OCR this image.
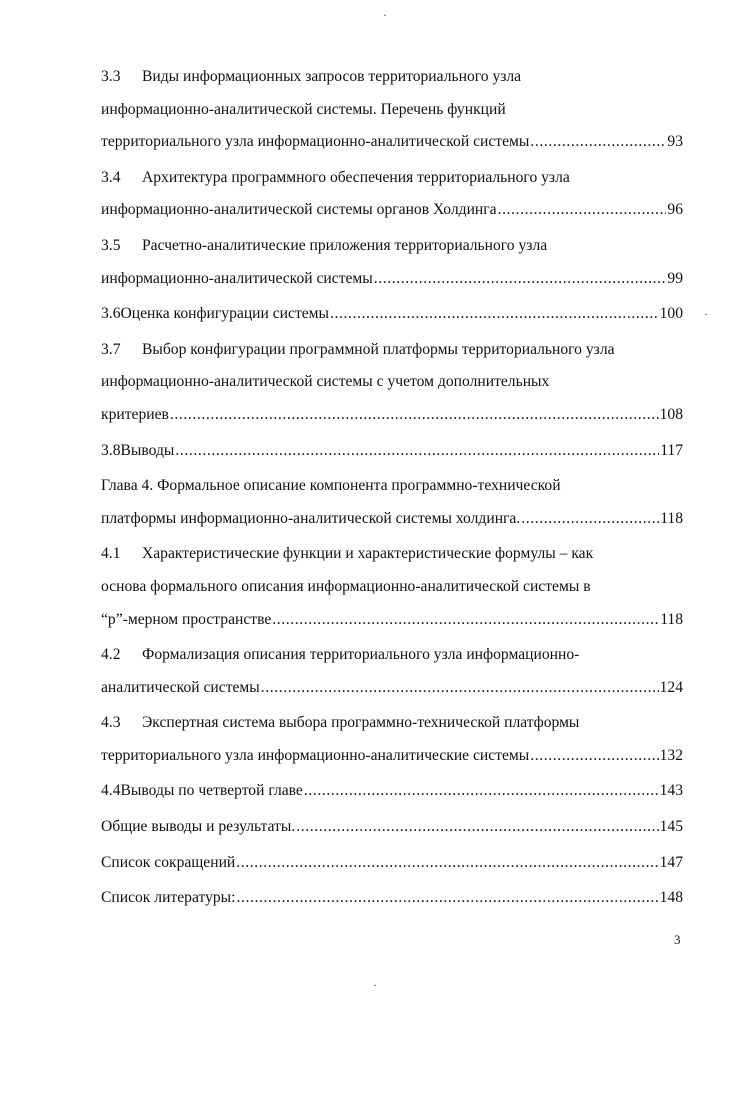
·
·
·
3.3	Виды информационных запросов территориального узла
информационно-аналитической системы. Перечень функций
территориального узла информационно-аналитической системы .....	93
3.4	Архитектура программного обеспечения территориального узла
информационно-аналитической системы органов Холдинга .....	96
3.5	Расчетно-аналитические приложения территориального узла
информационно-аналитической системы .....	99
3.6 Оценка конфигурации системы .....	100
3.7	Выбор конфигурации программной платформы территориального узла
информационно-аналитической системы с учетом дополнительных
критериев .....	108
3.8 Выводы .....	117
Глава 4. Формальное описание компонента программно-технической
платформы информационно-аналитической системы холдинга. .....	118
4.1	Характеристические функции и характеристические формулы – как
основа формального описания информационно-аналитической системы в
“р”-мерном пространстве .....	118
4.2	Формализация описания территориального узла информационно-
аналитической системы .....	124
4.3	Экспертная система выбора программно-технической платформы
территориального узла информационно-аналитические системы .....	132
4.4 Выводы по четвертой главе .....	143
Общие выводы и результаты. .....	145
Список сокращений .....	147
Список литературы: .....	148
3
